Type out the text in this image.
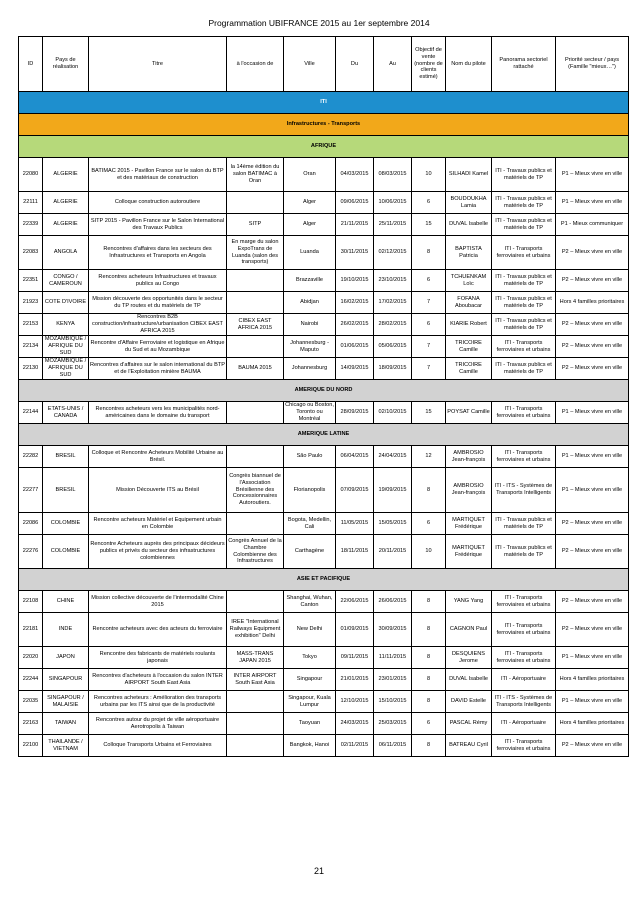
Programmation UBIFRANCE 2015 au 1er septembre 2014
ID	Pays de réalisation	Titre	à l'occasion de	Ville	Du	Au	Objectif de vente (nombre de clients estimé)	Nom du pilote	Panorama sectoriel rattaché	Priorité secteur / pays (Famille "mieux…")
ITI										
Infrastructures - Transports										
AFRIQUE										
22080	ALGERIE	BATIMAC 2015 - Pavillon France sur le salon du BTP et des matériaux de construction	la 14ème édition du salon BATIMAC à Oran	Oran	04/03/2015	08/03/2015	10	SILHADI Kamel	ITI - Travaux publics et matériels de TP	P1 – Mieux vivre en ville
22111	ALGERIE	Colloque construction autoroutiere		Alger	09/06/2015	10/06/2015	6	BOUDOUKHA Lamia	ITI - Travaux publics et matériels de TP	P1 – Mieux vivre en ville
22339	ALGERIE	SITP 2015 - Pavillon France sur le Salon International des Travaux Publics	SITP	Alger	21/11/2015	25/11/2015	15	DUVAL Isabelle	ITI - Travaux publics et matériels de TP	P1 - Mieux communiquer
22083	ANGOLA	Rencontres d'affaires dans les secteurs des Infrastructures et Transports en Angola	En marge du salon ExpoTrans de Luanda (salon des transports)	Luanda	30/11/2015	02/12/2015	8	BAPTISTA Patricia	ITI - Transports ferroviaires et urbains	P2 – Mieux vivre en ville
22351	CONGO / CAMEROUN	Rencontres acheteurs Infrastructures et travaux publics au Congo		Brazzaville	19/10/2015	23/10/2015	6	TCHUENKAM Loïc	ITI - Travaux publics et matériels de TP	P2 – Mieux vivre en ville
21923	COTE D'IVOIRE	Mission découverte des opportunités dans le secteur du TP routes et du matériels de TP		Abidjan	16/02/2015	17/02/2015	7	FOFANA Aboubacar	ITI - Travaux publics et matériels de TP	Hors 4 familles prioritaires
22153	KENYA	Rencontres B2B construction/infrastructure/urbanisation CIBEX EAST AFRICA 2015	CIBEX EAST AFRICA 2015	Nairobi	26/02/2015	28/02/2015	6	KIARIE Robert	ITI - Travaux publics et matériels de TP	P2 – Mieux vivre en ville
22134	MOZAMBIQUE / AFRIQUE DU SUD	Rencontre d'Affaire Ferroviaire et logistique en Afrique du Sud et au Mozambique		Johannesburg - Maputo	01/06/2015	05/06/2015	7	TRICOIRE Camille	ITI - Transports ferroviaires et urbains	P2 – Mieux vivre en ville
22130	MOZAMBIQUE / AFRIQUE DU SUD	Rencontres d'affaires sur le salon international du BTP et de l'Exploitation minière BAUMA	BAUMA 2015	Johannesburg	14/09/2015	18/09/2015	7	TRICOIRE Camille	ITI - Travaux publics et matériels de TP	P2 – Mieux vivre en ville
AMERIQUE DU NORD										
22144	ETATS-UNIS / CANADA	Rencontres acheteurs vers les municipalités nord-américaines dans le domaine du transport		Chicago ou Boston, Toronto ou Montréal	28/09/2015	02/10/2015	15	POYSAT Camille	ITI - Transports ferroviaires et urbains	P1 – Mieux vivre en ville
AMERIQUE LATINE										
22282	BRESIL	Colloque et Rencontre Acheteurs Mobilité Urbaine au Brésil.		São Paulo	06/04/2015	24/04/2015	12	AMBROSIO Jean-françois	ITI - Transports ferroviaires et urbains	P1 – Mieux vivre en ville
22277	BRESIL	Mission Découverte ITS au Brésil	Congrès biannuel de l'Association Brésilienne des Concessionnaires Autoroutiers.	Florianopolis	07/09/2015	19/09/2015	8	AMBROSIO Jean-françois	ITI - ITS - Systèmes de Transports Intelligents	P1 – Mieux vivre en ville
22086	COLOMBIE	Rencontre acheteurs Matériel et Equipement urbain en Colombie		Bogota, Medellin, Cali	11/05/2015	15/05/2015	6	MARTIQUET Frédérique	ITI - Travaux publics et matériels de TP	P2 – Mieux vivre en ville
22276	COLOMBIE	Rencontre Acheteurs auprès des principaux décideurs publics et privés du secteur des infrastructures colombiennes	Congrès Annuel de la Chambre Colombienne des Infrastructures	Carthagène	18/11/2015	20/11/2015	10	MARTIQUET Frédérique	ITI - Travaux publics et matériels de TP	P2 – Mieux vivre en ville
ASIE ET PACIFIQUE										
22108	CHINE	Mission collective découverte de l'intermodalité Chine 2015		Shanghai, Wuhan, Canton	22/06/2015	26/06/2015	8	YANG Yang	ITI - Transports ferroviaires et urbains	P2 – Mieux vivre en ville
22181	INDE	Rencontre acheteurs avec des acteurs du ferroviaire	IREE "International Railways Equipment exhibition" Delhi	New Delhi	01/09/2015	30/09/2015	8	CAGNON Paul	ITI - Transports ferroviaires et urbains	P2 – Mieux vivre en ville
22020	JAPON	Rencontre des fabricants de matériels roulants japonais	MASS-TRANS JAPAN 2015	Tokyo	09/11/2015	11/11/2015	8	DESQUIENS Jerome	ITI - Transports ferroviaires et urbains	P1 – Mieux vivre en ville
22244	SINGAPOUR	Rencontres d'acheteurs à l'occasion du salon INTER AIRPORT South East Asia	INTER AIRPORT South East Asia	Singapour	21/01/2015	23/01/2015	8	DUVAL Isabelle	ITI - Aéroportuaire	Hors 4 familles prioritaires
22035	SINGAPOUR / MALAISIE	Rencontres acheteurs : Amélioration des transports urbains par les ITS ainsi que de la productivité		Singapour, Kuala Lumpur	12/10/2015	15/10/2015	8	DAVID Estelle	ITI - ITS - Systèmes de Transports Intelligents	P1 – Mieux vivre en ville
22163	TAIWAN	Rencontres autour du projet de ville aéroportuaire Aerotropolis à Taiwan		Taoyuan	24/03/2015	25/03/2015	6	PASCAL Rémy	ITI - Aéroportuaire	Hors 4 familles prioritaires
22100	THAILANDE / VIETNAM	Colloque Transports Urbains et Ferroviaires		Bangkok, Hanoi	02/11/2015	06/11/2015	8	BATREAU Cyril	ITI - Transports ferroviaires et urbains	P2 – Mieux vivre en ville
21
